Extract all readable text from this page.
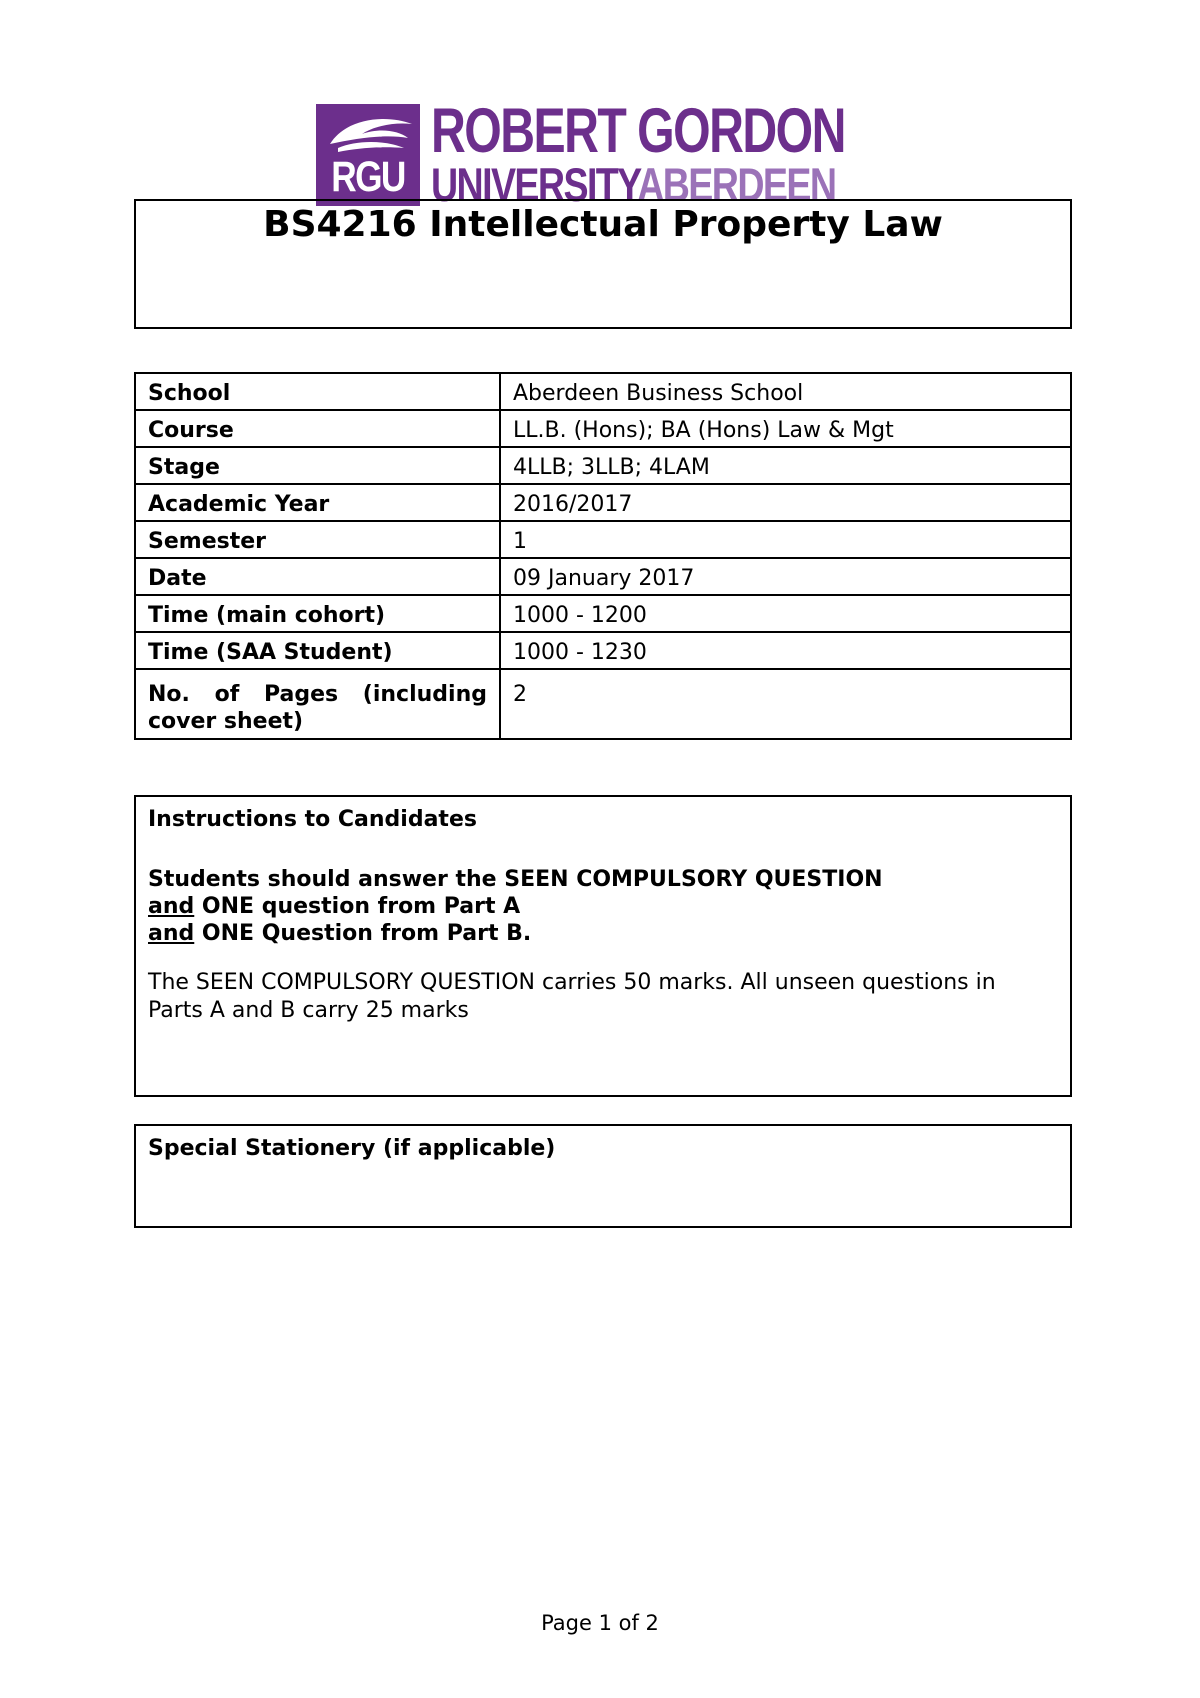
RGU
ROBERT GORDON
UNIVERSITYABERDEEN
BS4216 Intellectual Property Law
School	Aberdeen Business School
Course	LL.B. (Hons); BA (Hons) Law & Mgt
Stage	4LLB; 3LLB; 4LAM
Academic Year	2016/2017
Semester	1
Date	09 January 2017
Time (main cohort)	1000 - 1200
Time (SAA Student)	1000 - 1230
No. of Pages (including cover sheet)	2
Instructions to Candidates
Students should answer the SEEN COMPULSORY QUESTION
and ONE question from Part A
and ONE Question from Part B.
The SEEN COMPULSORY QUESTION carries 50 marks. All unseen questions in Parts A and B carry 25 marks
Special Stationery (if applicable)
Page 1 of 2
